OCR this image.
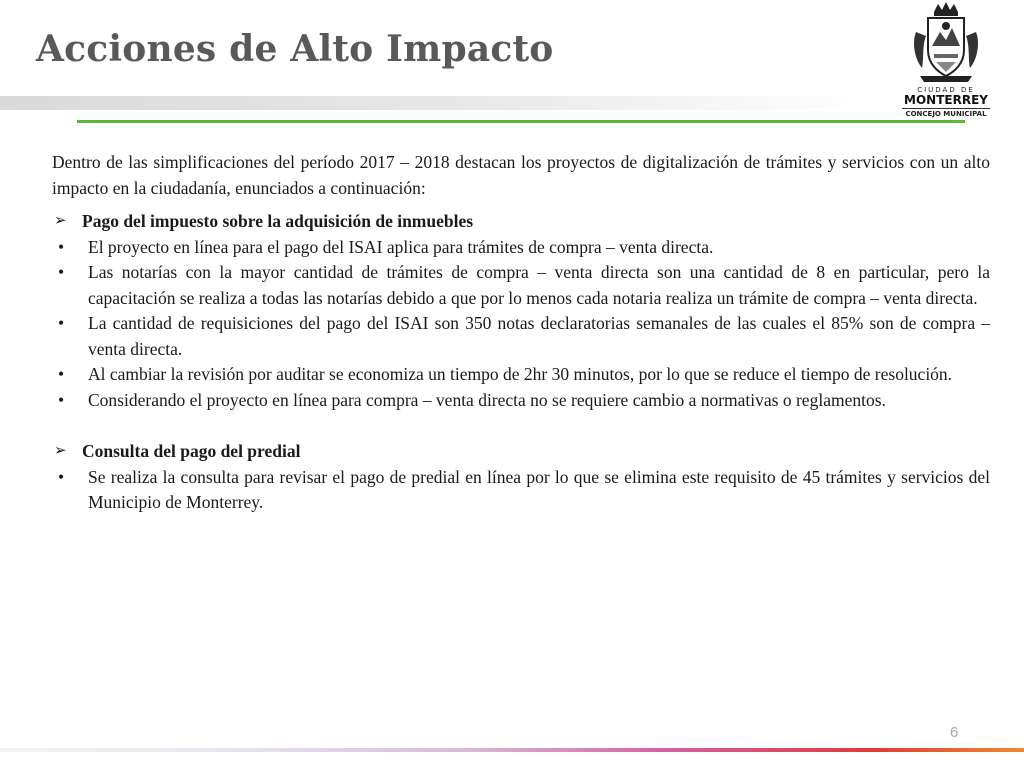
Acciones de Alto Impacto
CIUDAD DE
MONTERREY
CONCEJO MUNICIPAL

Dentro de las simplificaciones del período 2017 – 2018 destacan los proyectos de digitalización de trámites y servicios con un alto impacto en la ciudadanía, enunciados a continuación:

➢ Pago del impuesto sobre la adquisición de inmuebles
• El proyecto en línea para el pago del ISAI aplica para trámites de compra – venta directa.
• Las notarías con la mayor cantidad de trámites de compra – venta directa son una cantidad de 8 en particular, pero la capacitación se realiza a todas las notarías debido a que por lo menos cada notaria realiza un trámite de compra – venta directa.
• La cantidad de requisiciones del pago del ISAI son 350 notas declaratorias semanales de las cuales el 85% son de compra – venta directa.
• Al cambiar la revisión por auditar se economiza un tiempo de 2hr 30 minutos, por lo que se reduce el tiempo de resolución.
• Considerando el proyecto en línea para compra – venta directa no se requiere cambio a normativas o reglamentos.
➢ Consulta del pago del predial
• Se realiza la consulta para revisar el pago de predial en línea por lo que se elimina este requisito de 45 trámites y servicios del Municipio de Monterrey.
6
